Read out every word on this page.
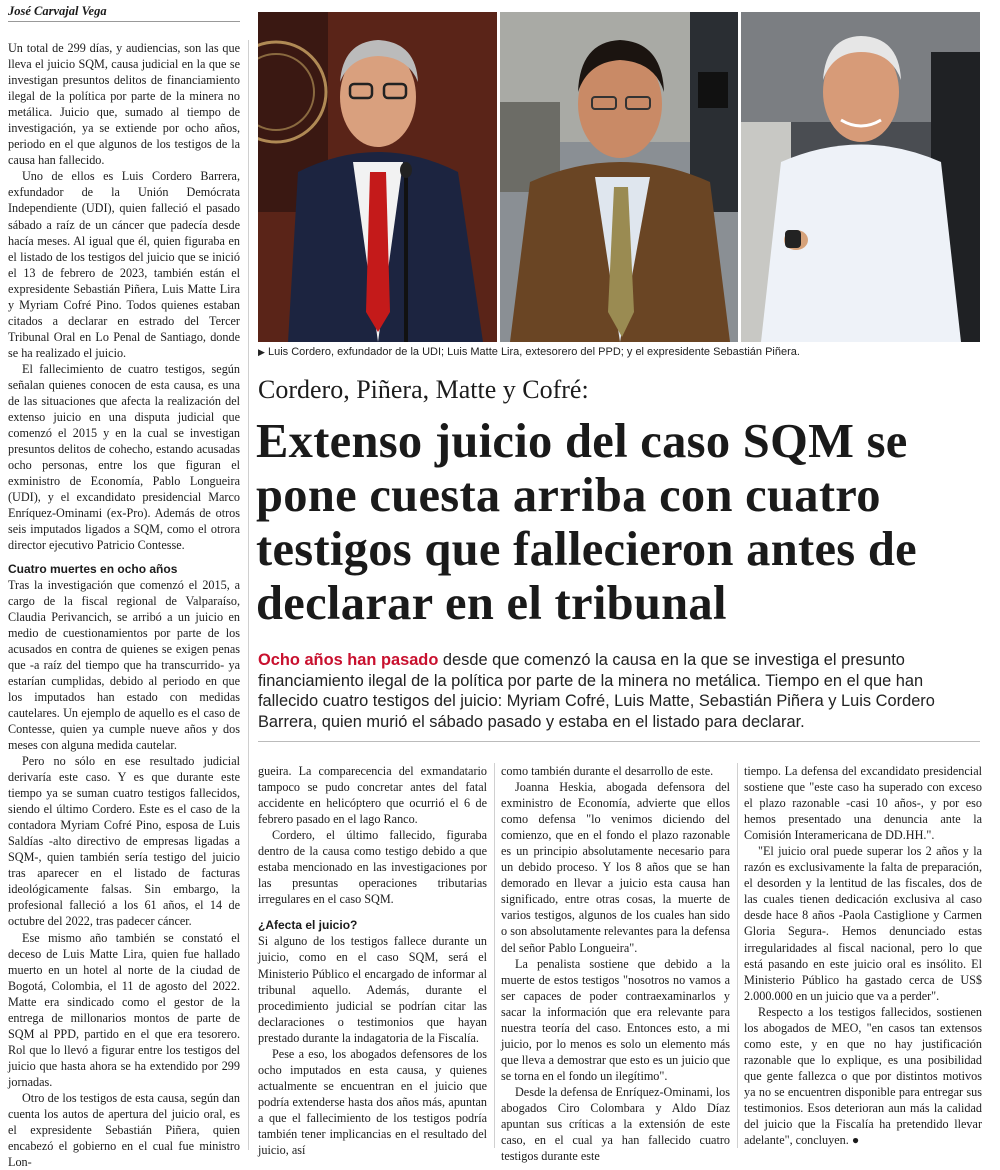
José Carvajal Vega

Un total de 299 días, y audiencias, son las que lleva el juicio SQM, causa judicial en la que se investigan presuntos delitos de financiamiento ilegal de la política por parte de la minera no metálica. Juicio que, sumado al tiempo de investigación, ya se extiende por ocho años, periodo en el que algunos de los testigos de la causa han fallecido.

Uno de ellos es Luis Cordero Barrera, exfundador de la Unión Demócrata Independiente (UDI), quien falleció el pasado sábado a raíz de un cáncer que padecía desde hacía meses. Al igual que él, quien figuraba en el listado de los testigos del juicio que se inició el 13 de febrero de 2023, también están el expresidente Sebastián Piñera, Luis Matte Lira y Myriam Cofré Pino. Todos quienes estaban citados a declarar en estrado del Tercer Tribunal Oral en Lo Penal de Santiago, donde se ha realizado el juicio.

El fallecimiento de cuatro testigos, según señalan quienes conocen de esta causa, es una de las situaciones que afecta la realización del extenso juicio en una disputa judicial que comenzó el 2015 y en la cual se investigan presuntos delitos de cohecho, estando acusadas ocho personas, entre los que figuran el exministro de Economía, Pablo Longueira (UDI), y el excandidato presidencial Marco Enríquez-Ominami (ex-Pro). Además de otros seis imputados ligados a SQM, como el otrora director ejecutivo Patricio Contesse.

Cuatro muertes en ocho años

Tras la investigación que comenzó el 2015, a cargo de la fiscal regional de Valparaíso, Claudia Perivancich, se arribó a un juicio en medio de cuestionamientos por parte de los acusados en contra de quienes se exigen penas que -a raíz del tiempo que ha transcurrido- ya estarían cumplidas, debido al periodo en que los imputados han estado con medidas cautelares. Un ejemplo de aquello es el caso de Contesse, quien ya cumple nueve años y dos meses con alguna medida cautelar.

Pero no sólo en ese resultado judicial derivaría este caso. Y es que durante este tiempo ya se suman cuatro testigos fallecidos, siendo el último Cordero. Este es el caso de la contadora Myriam Cofré Pino, esposa de Luis Saldías -alto directivo de empresas ligadas a SQM-, quien también sería testigo del juicio tras aparecer en el listado de facturas ideológicamente falsas. Sin embargo, la profesional falleció a los 61 años, el 14 de octubre del 2022, tras padecer cáncer.

Ese mismo año también se constató el deceso de Luis Matte Lira, quien fue hallado muerto en un hotel al norte de la ciudad de Bogotá, Colombia, el 11 de agosto del 2022. Matte era sindicado como el gestor de la entrega de millonarios montos de parte de SQM al PPD, partido en el que era tesorero. Rol que lo llevó a figurar entre los testigos del juicio que hasta ahora se ha extendido por 299 jornadas.

Otro de los testigos de esta causa, según dan cuenta los autos de apertura del juicio oral, es el expresidente Sebastián Piñera, quien encabezó el gobierno en el cual fue ministro Lon-

▶ Luis Cordero, exfundador de la UDI; Luis Matte Lira, extesorero del PPD; y el expresidente Sebastián Piñera.
Cordero, Piñera, Matte y Cofré:
Extenso juicio del caso SQM se pone cuesta arriba con cuatro testigos que fallecieron antes de declarar en el tribunal
Ocho años han pasado desde que comenzó la causa en la que se investiga el presunto financiamiento ilegal de la política por parte de la minera no metálica. Tiempo en el que han fallecido cuatro testigos del juicio: Myriam Cofré, Luis Matte, Sebastián Piñera y Luis Cordero Barrera, quien murió el sábado pasado y estaba en el listado para declarar.

gueira. La comparecencia del exmandatario tampoco se pudo concretar antes del fatal accidente en helicóptero que ocurrió el 6 de febrero pasado en el lago Ranco.

Cordero, el último fallecido, figuraba dentro de la causa como testigo debido a que estaba mencionado en las investigaciones por las presuntas operaciones tributarias irregulares en el caso SQM.

¿Afecta el juicio?

Si alguno de los testigos fallece durante un juicio, como en el caso SQM, será el Ministerio Público el encargado de informar al tribunal aquello. Además, durante el procedimiento judicial se podrían citar las declaraciones o testimonios que hayan prestado durante la indagatoria de la Fiscalía.

Pese a eso, los abogados defensores de los ocho imputados en esta causa, y quienes actualmente se encuentran en el juicio que podría extenderse hasta dos años más, apuntan a que el fallecimiento de los testigos podría también tener implicancias en el resultado del juicio, así

como también durante el desarrollo de este.

Joanna Heskia, abogada defensora del exministro de Economía, advierte que ellos como defensa "lo venimos diciendo del comienzo, que en el fondo el plazo razonable es un principio absolutamente necesario para un debido proceso. Y los 8 años que se han demorado en llevar a juicio esta causa han significado, entre otras cosas, la muerte de varios testigos, algunos de los cuales han sido o son absolutamente relevantes para la defensa del señor Pablo Longueira".

La penalista sostiene que debido a la muerte de estos testigos "nosotros no vamos a ser capaces de poder contraexaminarlos y sacar la información que era relevante para nuestra teoría del caso. Entonces esto, a mi juicio, por lo menos es solo un elemento más que lleva a demostrar que esto es un juicio que se torna en el fondo un ilegítimo".

Desde la defensa de Enríquez-Ominami, los abogados Ciro Colombara y Aldo Díaz apuntan sus críticas a la extensión de este caso, en el cual ya han fallecido cuatro testigos durante este

tiempo. La defensa del excandidato presidencial sostiene que "este caso ha superado con exceso el plazo razonable -casi 10 años-, y por eso hemos presentado una denuncia ante la Comisión Interamericana de DD.HH.".

"El juicio oral puede superar los 2 años y la razón es exclusivamente la falta de preparación, el desorden y la lentitud de las fiscales, dos de las cuales tienen dedicación exclusiva al caso desde hace 8 años -Paola Castiglione y Carmen Gloria Segura-. Hemos denunciado estas irregularidades al fiscal nacional, pero lo que está pasando en este juicio oral es insólito. El Ministerio Público ha gastado cerca de US$ 2.000.000 en un juicio que va a perder".

Respecto a los testigos fallecidos, sostienen los abogados de MEO, "en casos tan extensos como este, y en que no hay justificación razonable que lo explique, es una posibilidad que gente fallezca o que por distintos motivos ya no se encuentren disponible para entregar sus testimonios. Esos deterioran aun más la calidad del juicio que la Fiscalía ha pretendido llevar adelante", concluyen. ●
